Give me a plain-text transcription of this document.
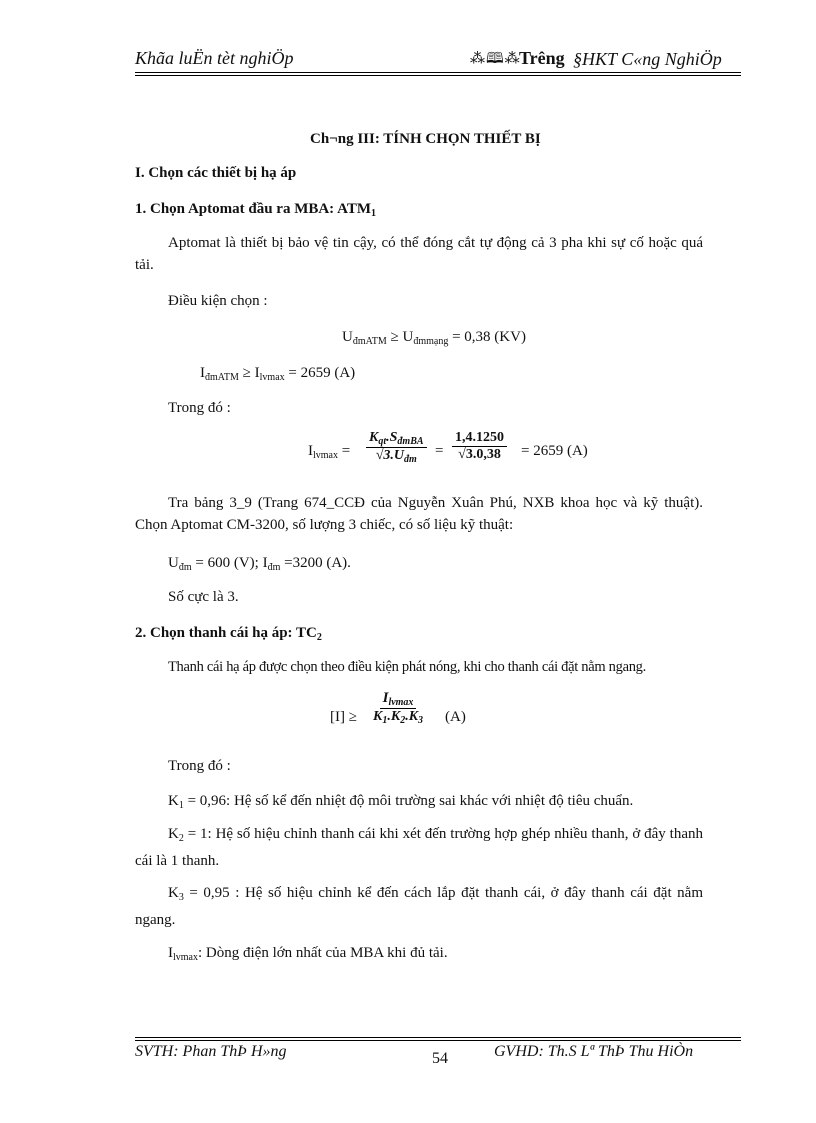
Khãa luËn tèt nghiÖp	⁂🕮⁂
Trêng §HKT C«ng NghiÖp
Ch¬ng III: TÍNH CHỌN THIẾT BỊ
I. Chọn các thiết bị hạ áp
1. Chọn Aptomat đầu ra MBA: $ATM_1$
Aptomat là thiết bị bảo vệ tin cậy, có thể đóng cắt tự động cả 3 pha khi sự cố hoặc quá tải.
Điều kiện chọn :
$U_{đmATM} \ge U_{đmmạng} = 0,38$ (KV)
$I_{đmATM} \ge I_{lvmax} = 2659$ (A)
Trong đó :
$I_{lvmax}$ =
$K_{qt}.S_{đmBA}$
$√3.U_{đm}$
= $\frac{1,4.1250}{√3.0,38} = 2659$ (A)
Tra bảng 3_9 (Trang 674_CCĐ của Nguyễn Xuân Phú, NXB khoa học và kỹ thuật). Chọn Aptomat CM-3200, số lượng 3 chiếc, có số liệu kỹ thuật:
$U_{đm} = 600$ (V); $I_{đm} =3200$ (A).
Số cực là 3.
2. Chọn thanh cái hạ áp: $TC_2$
Thanh cái hạ áp được chọn theo điều kiện phát nóng, khi cho thanh cái đặt nằm ngang.
[I] ≥
$I_{lvmax}$
$K_1.K_2.K_3$ (A)
Trong đó :
$K_1 = 0,96$: Hệ số kể đến nhiệt độ môi trường sai khác với nhiệt độ tiêu chuẩn.
$K_2 = 1$: Hệ số hiệu chỉnh thanh cái khi xét đến trường hợp ghép nhiều thanh, ở đây thanh cái là 1 thanh.
$K_3 = 0,95$ : Hệ số hiệu chỉnh kể đến cách lắp đặt thanh cái, ở đây thanh cái đặt nằm ngang.
$I_{lvmax}$: Dòng điện lớn nhất của MBA khi đủ tải.
SVTH: Phan ThÞ H»ng	54	GVHD: Th.S Lª ThÞ Thu HiÒn
